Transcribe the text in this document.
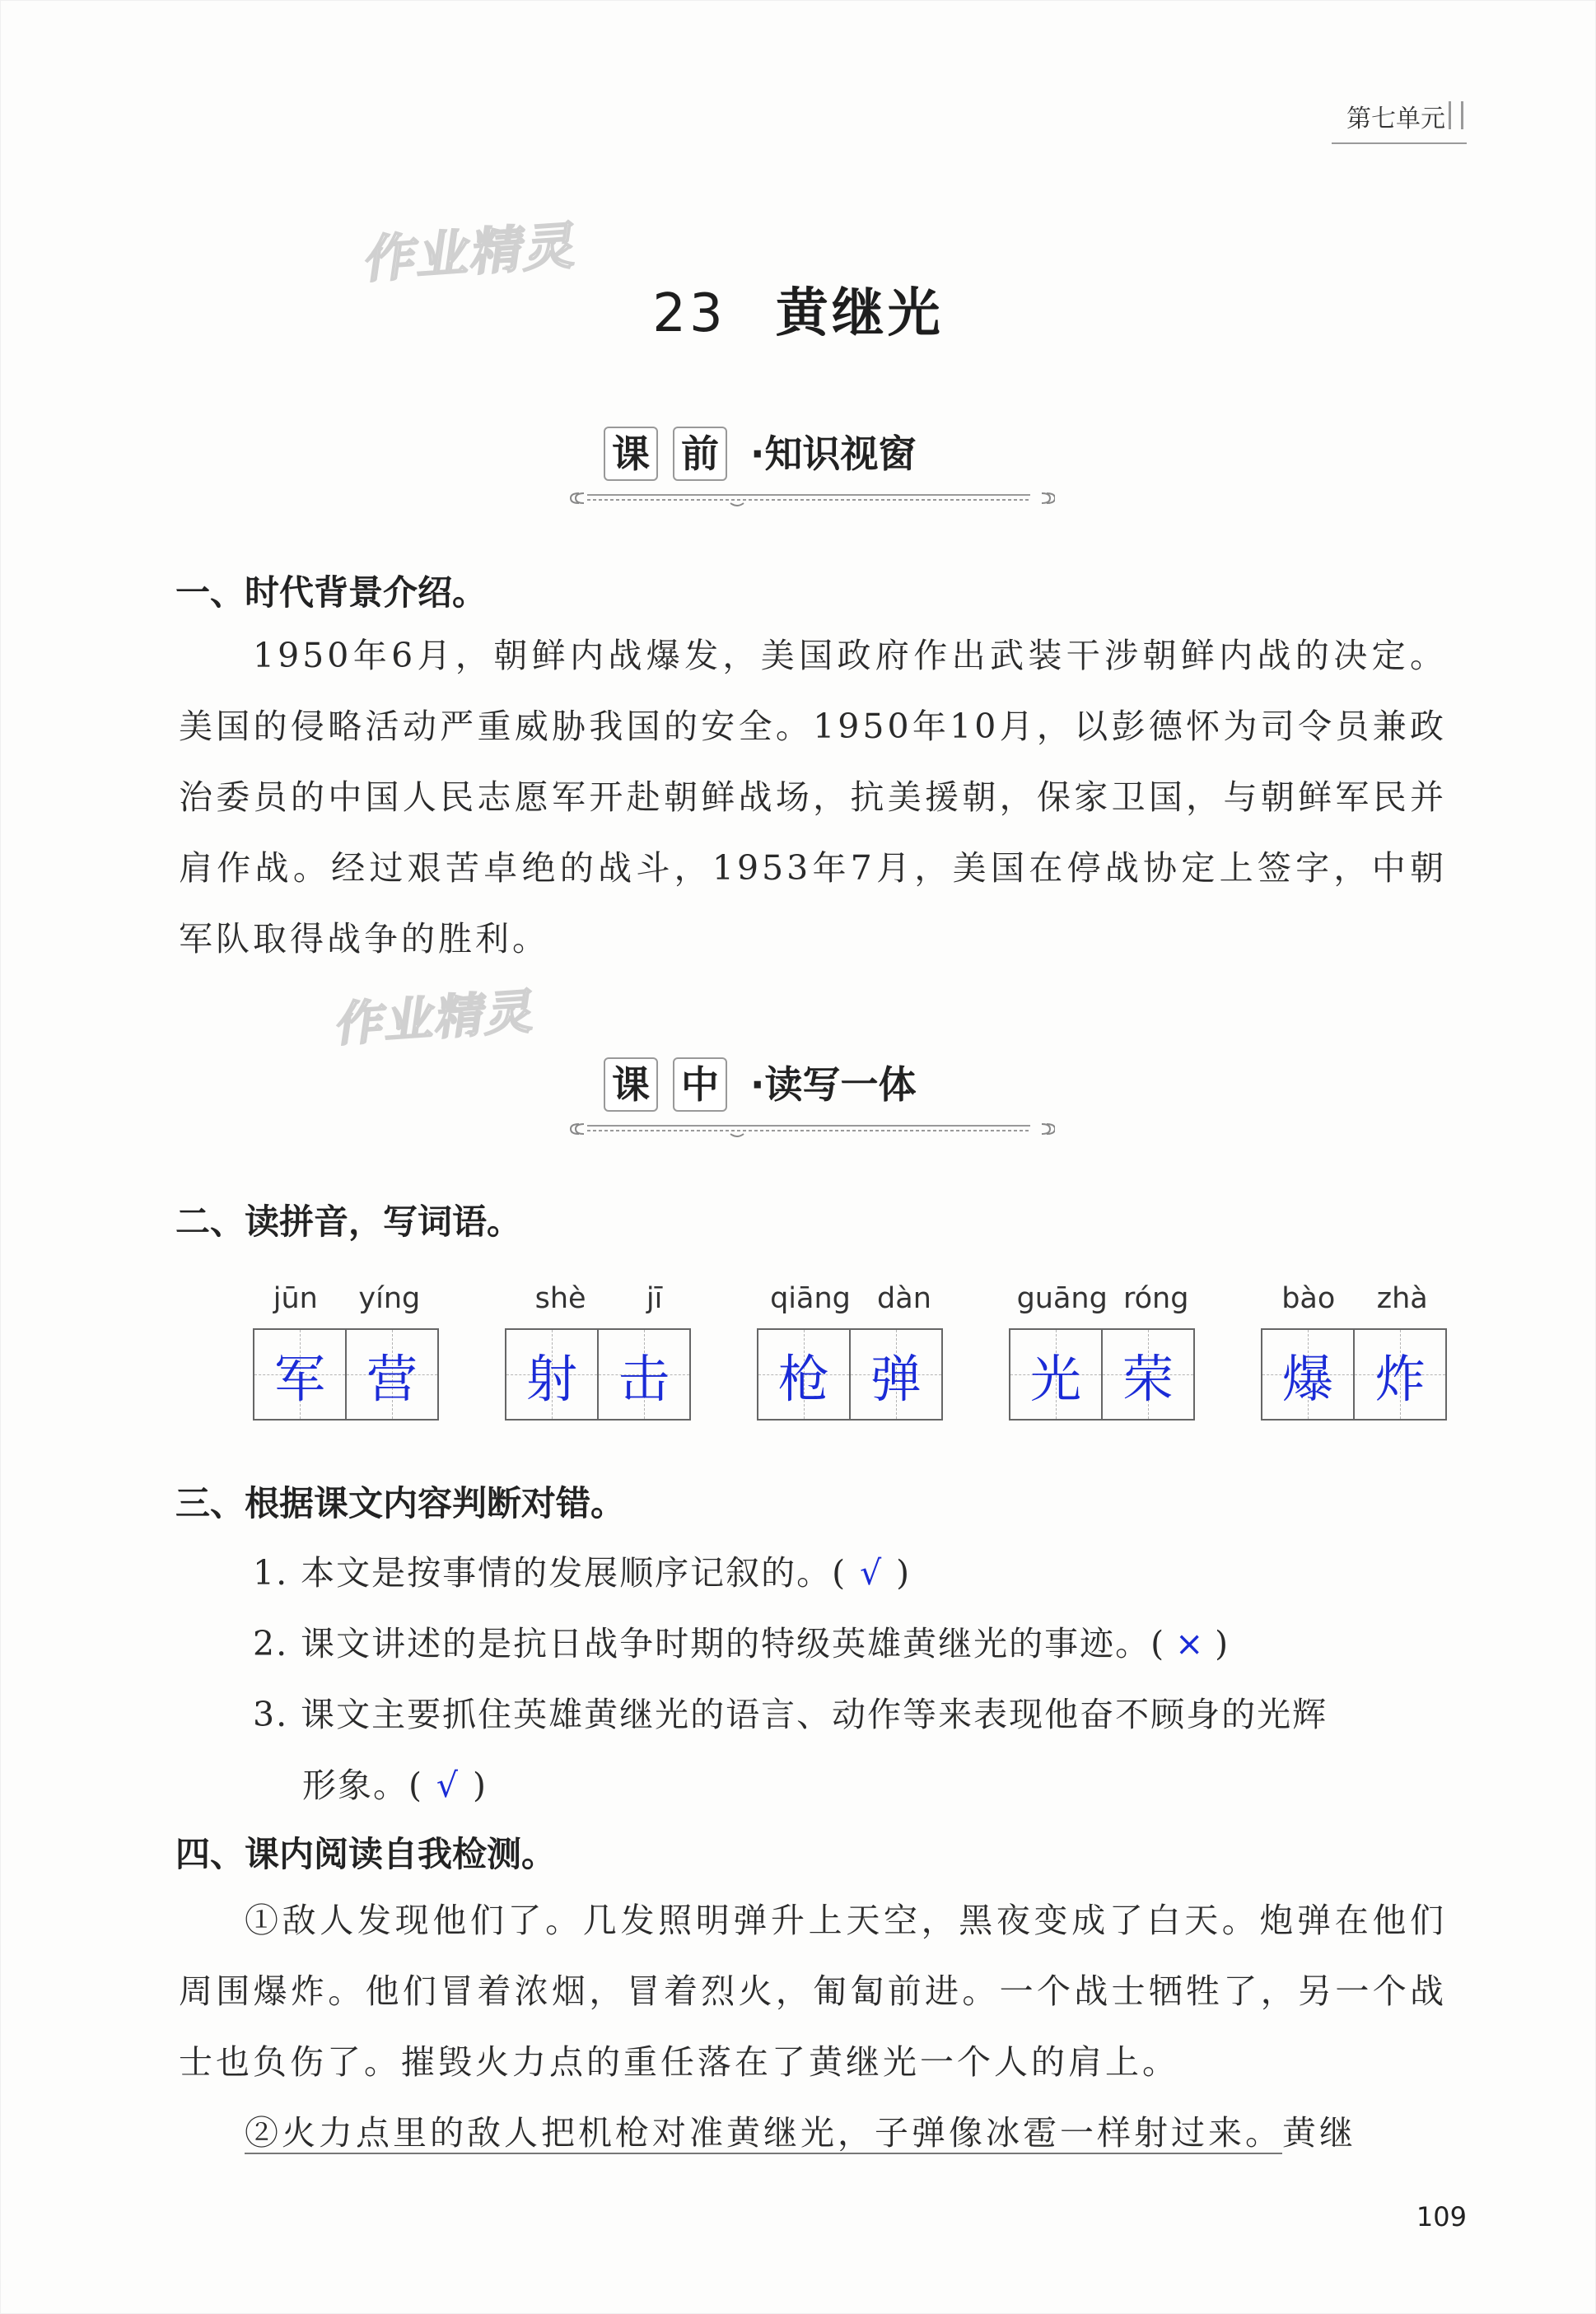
第七单元
作业精灵
作业精灵
23 黄继光
课 前 ·知识视窗
一、时代背景介绍。
1950年6月，朝鲜内战爆发，美国政府作出武装干涉朝鲜内战的决定。美国的侵略活动严重威胁我国的安全。1950年10月，以彭德怀为司令员兼政治委员的中国人民志愿军开赴朝鲜战场，抗美援朝，保家卫国，与朝鲜军民并肩作战。经过艰苦卓绝的战斗，1953年7月，美国在停战协定上签字，中朝军队取得战争的胜利。
课 中 ·读写一体
二、读拼音，写词语。
jūn yíng
军 营
shè jī
射 击
qiāng dàn
枪 弹
guāng róng
光 荣
bào zhà
爆 炸
三、根据课文内容判断对错。
1. 本文是按事情的发展顺序记叙的。( √ )
2. 课文讲述的是抗日战争时期的特级英雄黄继光的事迹。( × )
3. 课文主要抓住英雄黄继光的语言、动作等来表现他奋不顾身的光辉
形象。( √ )
四、课内阅读自我检测。
①敌人发现他们了。几发照明弹升上天空，黑夜变成了白天。炮弹在他们周围爆炸。他们冒着浓烟，冒着烈火，匍匐前进。一个战士牺牲了，另一个战士也负伤了。摧毁火力点的重任落在了黄继光一个人的肩上。
②火力点里的敌人把机枪对准黄继光，子弹像冰雹一样射过来。黄继
109
